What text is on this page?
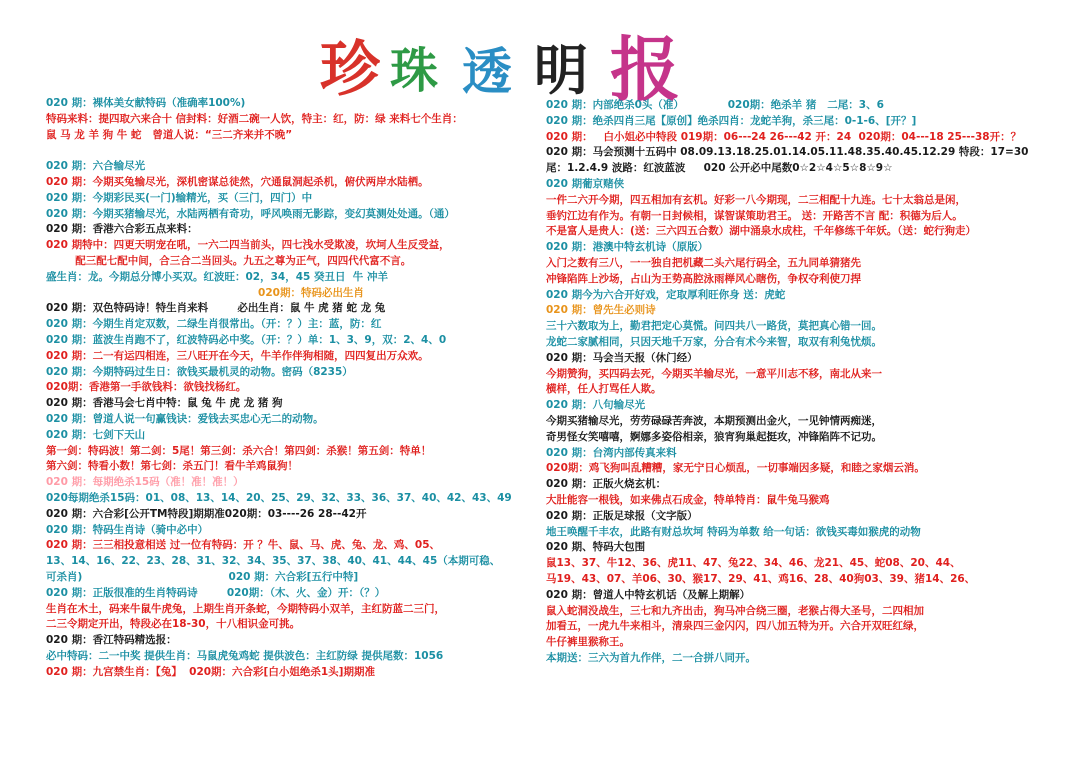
珍 珠 透 明 报
020 期：裸体美女献特码（准确率100%)
特码来料：提四取六来合十 信封料：好酒二碗一人饮，特主：红，防：绿 来料七个生肖：
鼠 马 龙 羊 狗 牛 蛇   曾道人说：“三二齐来并不晚”
020 期：六合输尽光
020 期：今期买兔输尽光，深机密谋总徒然，穴通鼠洞起杀机，俯伏两岸水陆栖。
020 期：今期彩民买(一门)输精光，买（三门，四门）中
020 期：今期买猪输尽光，水陆两栖有奇功，呼风唤雨无影踪，变幻莫测处处通。（通）
020 期：香港六合彩五点来料：
020 期特中：四更天明宠在吼，一六二四当前头，四七浅水受欺凌，坎坷人生反受益，
配三配七配中间，合三合二当回头。九五之尊为正气，四四代代富不言。
盛生肖：龙。今期总分博小买双。红波旺：02，34，45 癸丑日  牛 冲羊
020期：特码必出生肖
020 期：双色特码诗！特生肖来料        必出生肖：鼠 牛 虎 猪 蛇 龙 兔
020 期：今期生肖定双数，二绿生肖很常出。（开：？）主：蓝，防：红
020 期：蓝波生肖跑不了，红波特码必中奖。（开：？）单：1、3、9，双：2、4、0
020 期：二一有运四相连，三八旺开在今天，牛羊作伴狗相随，四四复出万众欢。
020 期：今期特码过生日：欲钱买最机灵的动物。密码（8235）
020期：香港第一手欲钱料：欲钱找杨红。
020 期：香港马会七肖中特：鼠 兔 牛 虎 龙 猪 狗
020 期：曾道人说一句赢钱诀：爱钱去买忠心无二的动物。
020 期：七剑下天山
第一剑：特码波！第二剑：5尾！第三剑：杀六合！第四剑：杀猴！第五剑：特单！
第六剑：特看小数！第七剑：杀五门！看牛羊鸡鼠狗！
020 期：每期绝杀15码（准！准！准！）
020每期绝杀15码：01、08、13、14、20、25、29、32、33、36、37、40、42、43、49
020 期：六合彩[公开TM特段]期期准020期：03----26 28--42开
020 期：特码生肖诗（骑中必中）
020 期：三三相投意相送 过一位有特码：开 ？牛、鼠、马、虎、兔、龙、鸡、05、
13、14、16、22、23、28、31、32、34、35、37、38、40、41、44、45（本期可稳、
可杀肖)                                        020 期：六合彩[五行中特]
020 期：正版很准的生肖特码诗        020期：（木、火、金）开：（？）
生肖在木土，码来牛鼠牛虎兔，上期生肖开条蛇，今期特码小双羊，主红防蓝二三门，
二三令期定开出，特段必在18-30，十八相识金可挑。
020 期：香江特码精选报：
必中特码：二一中奖 提供生肖：马鼠虎兔鸡蛇 提供波色：主红防绿 提供尾数：1056
020 期：九宫禁生肖：【兔】  020期：六合彩[白小姐绝杀1头]期期准
020 期：内部绝杀0头（准）            020期：绝杀羊 猪   二尾：3、6
020 期：绝杀四肖三尾【原创】绝杀四肖：龙蛇羊狗，杀三尾：0-1-6、[开？]
020 期：   白小姐必中特段 019期：06---24 26---42 开：24  020期：04---18 25---38开：？
020 期：马会预测十五码中 08.09.13.18.25.01.14.05.11.48.35.40.45.12.29 特段：17=30
尾：1.2.4.9 波路：红波蓝波     020 公开必中尾数0☆2☆4☆5☆8☆9☆
020 期葡京赌侠
一件二六开今期，四五相加有玄机。好彩一八今期现，二三相配十九连。七十太翁总是闲，
垂钓江边有作为。有朝一日封候相，谋智谋策助君王。 送：开路苦不言 配：积德为后人。
不是富人是贵人：(送：三六四五合数）湖中涌泉水成柱，千年修练千年妖。（送：蛇行狗走）
020 期：港澳中特玄机诗（原版）
入门之数有三八，一一独自把机藏二头六尾行码全，五九同单猜猪先
冲锋陷阵上沙场，占山为王势高腔泳雨榉风心瞎伤，争权夺利使刀捍
020 期今为六合开好戏，定取厚利旺你身 送：虎蛇
020 期：曾先生必则诗
三十六数取为上，勤君把定心莫慌。问四共八一路货，莫把真心错一回。
龙蛇二家腻相同，只因天地千万家，分合有术今来智，取双有利兔忧烦。
020 期：马会当天报（休门经）
今期赞狗，买四码去死，今期买羊输尽光，一意平川志不移，南北从来一
横样，任人打骂任人欺。
020 期：八句输尽光
今期买猪输尽光，劳劳碌碌苦奔波，本期预测出金火，一见钟情两痴迷，
奇男怪女笑嘻嘻，婀娜多姿俗相亲，狼宵狗巢起挺攻，冲锋陷阵不记功。
020 期：台湾内部传真来料
020期：鸡飞狗叫乱糟糟，家无宁日心烦乱，一切事端因多疑，和睦之家烟云消。
020 期：正版火烧玄机：
大肚能容一根钱，如来佛点石成金，特单特肖：鼠牛兔马猴鸡
020 期：正版足球报（文字版）
地王唤醒千丰农，此路有财总坎坷 特码为单数 给一句话：欲钱买毒如猴虎的动物
020 期、特码大包围
鼠13、37、牛12、36、虎11、47、兔22、34、46、龙21、45、蛇08、20、44、
马19、43、07、羊06、30、猴17、29、41、鸡16、28、40狗03、39、猪14、26、
020 期：曾道人中特玄机话（及解上期解）
鼠入蛇洞没战生，三七和九齐出击，狗马冲合绕三圈，老猴占得大圣号，二四相加
加看五，一虎九牛来相斗，清泉四三金闪闪，四八加五特为开。六合开双旺红绿，
牛仔裤里猴称王。
本期送：三六为首九作伴，二一合拼八同开。
